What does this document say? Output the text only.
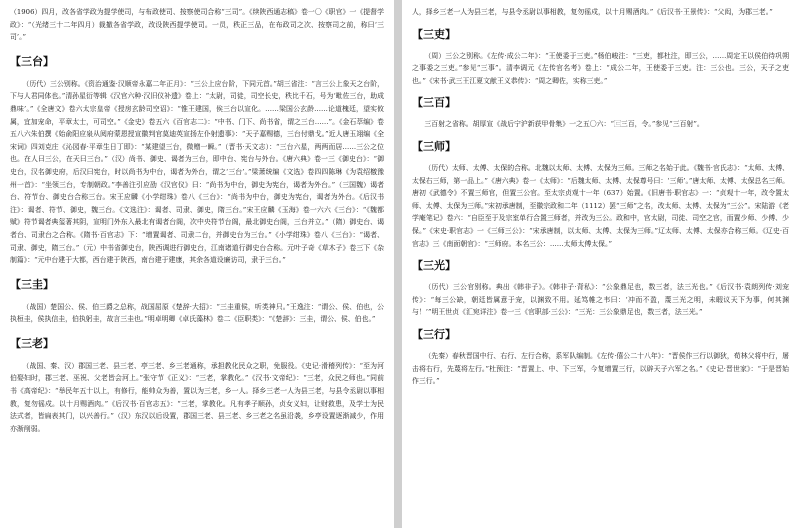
（1906）四月，改各省学政为提学使司，与布政使司、按察使司合称“三司”。《续陕西通志稿》卷一〇《职官》一《提督学政》：“（光绪三十二年四月）裁撤各省学政，改设陕西提学使司。一员，秩正三品，在布政司之次、按察司之前，称曰‘三司’。”

【三台】

（历代）三公别称。《资治通鉴·汉顺帝永嘉二年正月》：“三公上应台阶，下同元首。”胡三省注：“言三公上象天之台阶，下与人君同体也。”清孙星衍等辑《汉官六种·汉旧仪补遗》卷上：“太尉，司徒，司空长史，秩比千石，号为‘毗佐三台，助成鼎味’。”《全唐文》卷六太宗皇帝《授房玄龄司空诏》：“惟王建国，俟三台以宣化。……梁国公玄龄……论道槐廷，望实攸属，宜加宠命，平章太士，可司空。”《金史》卷五六《百官志二》：“中书、门下、尚书省，谓之三台……”。《金石萃编》卷五八六朱伯撰《始俞阳应泉从阅府蒙恩授宣徽判官莫迪英宣扬左仆射遗事》：“天子嘉赐德，三台付鼎戈。”近人唐玉翊编《全宋词》四刘克庄《沁园春·平章生日丁即》：“某建望三台，微赠一瞬。”（晋书·天文志）：“三台六星，两两而居……三公之位也。在人曰三公，在天曰三台。”（汉）尚书、御史、谒者为三台，即中台、宪台与外台。《唐六典》卷一三《御史台》：“御史台，汉名御史府，后汉曰宪台，时以尚书为中台，谒者为外台，谓之‘三台’。”梁萧统编《文选》卷四四陈琳《为袁绍檄豫州一首》：“坐领三台，专制朝政。”李善注引应劭《汉官仪》曰：“尚书为中台，御史为宪台，谒者为外台。”（三国魏）谒者台、符节台、御史台合称三台。宋王应麟《小学绀珠》卷八《三台》：“尚书为中台，御史为宪台，谒者为外台。《后汉书注》：谒者、符节、御史，魏三台。《文选注》：谒者、司隶、御史，隋三台。”宋王应麟《玉海》卷一六六《三台》：“《魏都赋》符节谒者典玺著其阴，宣明门外东入最北有谒者台阁，次中央符节台阁，最北御史台阁，三台并立。”（隋）御史台、谒者台、司隶台之合称。《隋书·百官志》下：“增置谒者、司隶二台，并御史台为三台。”《小学绀珠》卷八《三台》：“谒者、司隶、御史，隋三台。”（元）中书省御史台，陕西调进行御史台，江南诸道行御史台合称。元叶子奇《草木子》卷三下《杂制篇》：“元中台建于大都，西台建于陕西，南台建于建康，其余各道设廉访司，隶于三台。”

【三圭】

（战国）楚国公、侯、伯三爵之总称，战国屈原《楚辞·大招》：“三圭重侯，听类神只。”王逸注：“谓公、侯、伯也，公执桓圭，侯执信圭，伯执躬圭，故言三圭也。”明卓明卿《卓氏藻林》卷二《臣职类》：“《楚辞》：三圭，谓公、侯、伯也。”

【三老】

（战国、秦、汉）郡国三老、县三老、亭三老、乡三老通称，承担教化民众之职，免服役。《史记·滑稽列传》：“至为河伯娶妇时，郡三老、巫祝、父老皆会河上。”张守节《正义》：“三老，掌教化。”《汉书·文帝纪》：“三老，众民之师也。”同前书《高帝纪》：“举民年五十以上，有修行，能帅众为善，置以为三老，乡一人。择乡三老一人为县三老，与县令丞尉以事相教，复勿徭戍。以十月赐酒肉。”《后汉书·百官志五》：“三老，掌教化。凡有孝子顺孙，贞女义妇，让财救患，及学士为民法式者，皆扁表其门，以兴善行。”（汉）东汉以后设置，郡国三老、县三老、乡三老之名虽沿袭，乡亭设置逐渐减少，作用亦渐削弱。

人，择乡三老一人为县三老，与县令丞尉以事相教，复勿徭戍，以十月赐酒肉。”《后汉书·王景传》：“父闳，为郡三老。”

【三吏】

（周）三公之别称。《左传·成公二年》：“王使委于三吏。”杨伯峻注：“三吏，都杜注，即三公，……周定王以侯伯待巩朔之事委之三吏。”参见“三事”。清李调元《左传官名考》卷上：“成公二年，王使委于三吏。注：三公也。三公，天子之吏也。”《宋书·武三王江夏文献王义恭传》：“周之卿佐，实称三吏。”

【三百】

三百射之省称。胡厚宣《战后宁沪新获甲骨集》一之五〇六：“⿷三百，令。”参见“三百射”。

【三师】

（历代）太师、太傅、太保的合称。北魏以太师、太傅、太保为三师。三师之名始于此。《魏书·官氏志》：“太师、太傅、太保右三师，第一品上。”《唐六典》卷一《太师》：“后魏太师、太傅、太保尊号曰：‘三师’。”唐太师、太傅、太保总名三师。唐初《武德令》不置三师官，但置三公官。至太宗贞观十一年（637）始置。《旧唐书·职官志》一：“贞观十一年，改令置太师、太傅、太保为三师。”宋初承唐制，至徽宗政和二年（1112）罢“三师”之名，改太师、太傅、太保为“三公”。宋陆游《老学庵笔记》卷六：“自臣至于及宗室单行合置三师者，并改为三公。政和中，官太尉，司徒、司空之官，而置少师、少傅、少保。”《宋史·职官志》一《三师三公》：“宋承唐制，以太师、太傅、太保为三师。”辽太师、太傅、太保亦合称三师。《辽史·百官志》三《南面朝官》：“三师府。本名三公：……太师太傅太保。”

【三光】

（历代）三公官别称。典出《韩非子》。《韩非子·背私》：“公象鼎足也，数三者，法三光也。”《后汉书·袁朗列传·刘宠传》：“每三公缺，朝廷皆属意于宠，以渊致不用。延笃帷之韦曰：‘冲而不盈，蔑三光之明，未暇议天下为事，何其渊与！’”明王世贞《汇宛详注》卷一三《官职部·三公》：“三光：三公象鼎足也，数三者，法三光。”

【三行】

（先秦）春秋晋国中行、右行、左行合称，系军队编制。《左传·僖公二十八年》：“晋侯作三行以御狄，荀林父将中行，屠击将右行，先蔑将左行。”杜预注：“晋置上、中、下三军，今复增置三行，以辟天子六军之名。”《史记·晋世家》：“于是晋始作三行。”
